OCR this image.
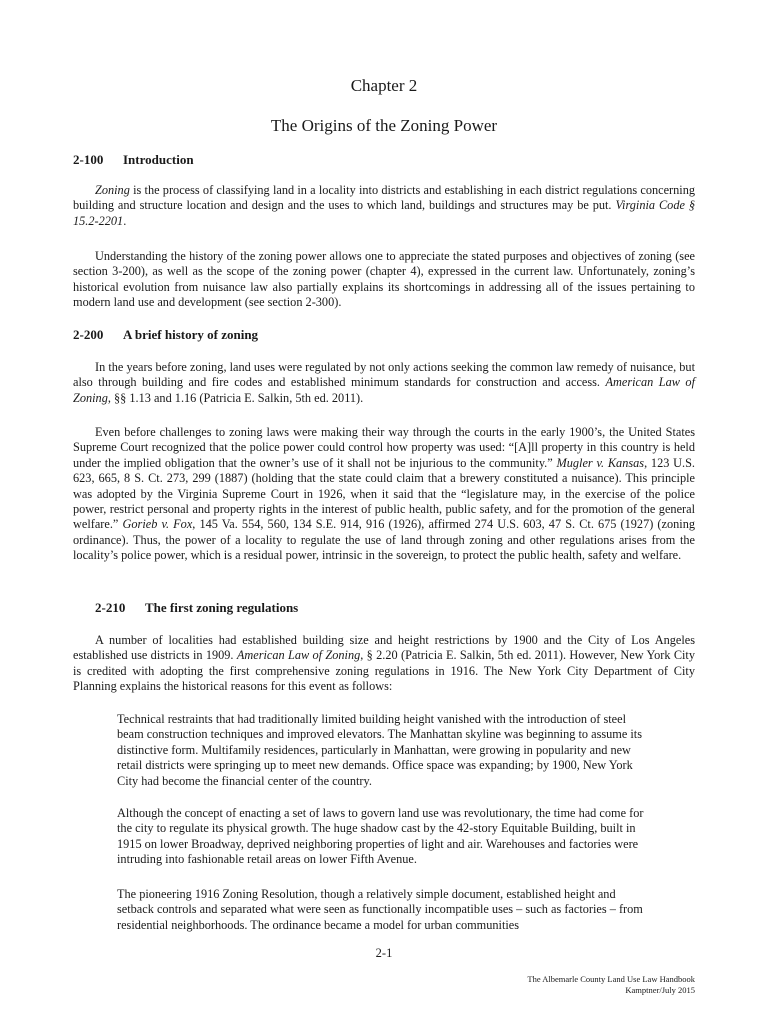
Chapter 2
The Origins of the Zoning Power
2-100 Introduction
Zoning is the process of classifying land in a locality into districts and establishing in each district regulations concerning building and structure location and design and the uses to which land, buildings and structures may be put. Virginia Code § 15.2-2201.
Understanding the history of the zoning power allows one to appreciate the stated purposes and objectives of zoning (see section 3-200), as well as the scope of the zoning power (chapter 4), expressed in the current law. Unfortunately, zoning’s historical evolution from nuisance law also partially explains its shortcomings in addressing all of the issues pertaining to modern land use and development (see section 2-300).
2-200 A brief history of zoning
In the years before zoning, land uses were regulated by not only actions seeking the common law remedy of nuisance, but also through building and fire codes and established minimum standards for construction and access. American Law of Zoning, §§ 1.13 and 1.16 (Patricia E. Salkin, 5th ed. 2011).
Even before challenges to zoning laws were making their way through the courts in the early 1900’s, the United States Supreme Court recognized that the police power could control how property was used: “[A]ll property in this country is held under the implied obligation that the owner’s use of it shall not be injurious to the community.” Mugler v. Kansas, 123 U.S. 623, 665, 8 S. Ct. 273, 299 (1887) (holding that the state could claim that a brewery constituted a nuisance). This principle was adopted by the Virginia Supreme Court in 1926, when it said that the “legislature may, in the exercise of the police power, restrict personal and property rights in the interest of public health, public safety, and for the promotion of the general welfare.” Gorieb v. Fox, 145 Va. 554, 560, 134 S.E. 914, 916 (1926), affirmed 274 U.S. 603, 47 S. Ct. 675 (1927) (zoning ordinance). Thus, the power of a locality to regulate the use of land through zoning and other regulations arises from the locality’s police power, which is a residual power, intrinsic in the sovereign, to protect the public health, safety and welfare.
2-210 The first zoning regulations
A number of localities had established building size and height restrictions by 1900 and the City of Los Angeles established use districts in 1909. American Law of Zoning, § 2.20 (Patricia E. Salkin, 5th ed. 2011). However, New York City is credited with adopting the first comprehensive zoning regulations in 1916. The New York City Department of City Planning explains the historical reasons for this event as follows:
Technical restraints that had traditionally limited building height vanished with the introduction of steel beam construction techniques and improved elevators. The Manhattan skyline was beginning to assume its distinctive form. Multifamily residences, particularly in Manhattan, were growing in popularity and new retail districts were springing up to meet new demands. Office space was expanding; by 1900, New York City had become the financial center of the country.
Although the concept of enacting a set of laws to govern land use was revolutionary, the time had come for the city to regulate its physical growth. The huge shadow cast by the 42-story Equitable Building, built in 1915 on lower Broadway, deprived neighboring properties of light and air. Warehouses and factories were intruding into fashionable retail areas on lower Fifth Avenue.
The pioneering 1916 Zoning Resolution, though a relatively simple document, established height and setback controls and separated what were seen as functionally incompatible uses – such as factories – from residential neighborhoods. The ordinance became a model for urban communities
2-1
The Albemarle County Land Use Law Handbook
Kamptner/July 2015
